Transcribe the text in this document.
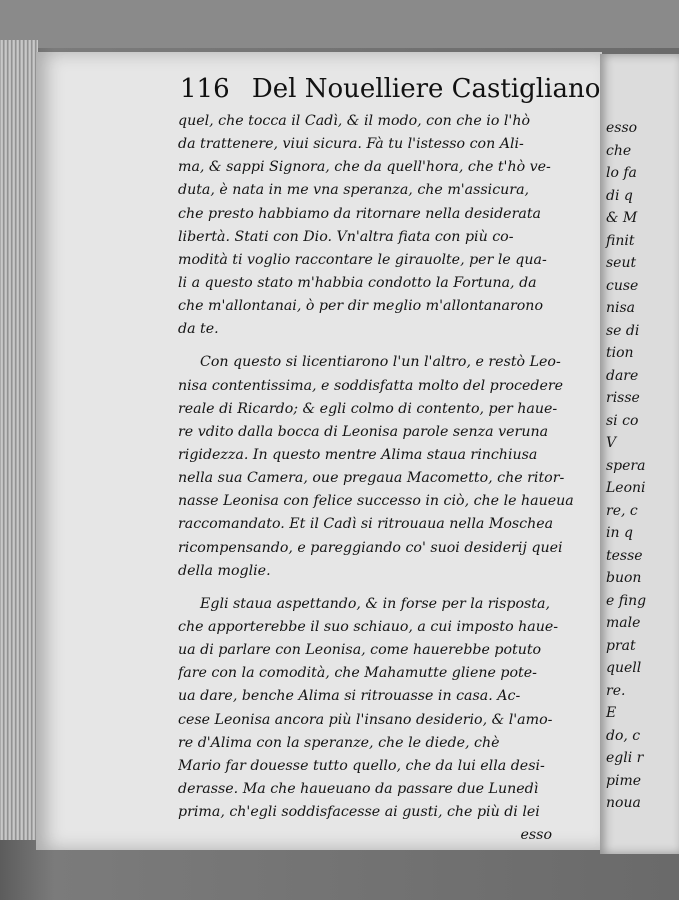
116 Del Nouelliere Castigliano
quel, che tocca il Cadì, & il modo, con che io l'hò
da trattenere, viui sicura. Fà tu l'istesso con Ali-
ma, & sappi Signora, che da quell'hora, che t'hò ve-
duta, è nata in me vna speranza, che m'assicura,
che presto habbiamo da ritornare nella desiderata
libertà. Stati con Dio. Vn'altra fiata con più co-
modità ti voglio raccontare le girauolte, per le qua-
li a questo stato m'habbia condotto la Fortuna, da
che m'allontanai, ò per dir meglio m'allontanarono
da te.
Con questo si licentiarono l'un l'altro, e restò Leo-
nisa contentissima, e soddisfatta molto del procedere
reale di Ricardo; & egli colmo di contento, per haue-
re vdito dalla bocca di Leonisa parole senza veruna
rigidezza. In questo mentre Alima staua rinchiusa
nella sua Camera, oue pregaua Macometto, che ritor-
nasse Leonisa con felice successo in ciò, che le haueua
raccomandato. Et il Cadì si ritrouaua nella Moschea
ricompensando, e pareggiando co' suoi desiderij quei
della moglie.
Egli staua aspettando, & in forse per la risposta,
che apporterebbe il suo schiauo, a cui imposto haue-
ua di parlare con Leonisa, come hauerebbe potuto
fare con la comodità, che Mahamutte gliene pote-
ua dare, benche Alima si ritrouasse in casa. Ac-
cese Leonisa ancora più l'insano desiderio, & l'amo-
re d'Alima con la speranze, che le diede, chè
Mario far douesse tutto quello, che da lui ella desi-
derasse. Ma che haueuano da passare due Lunedì
prima, ch'egli soddisfacesse ai gusti, che più di lei
esso
esso
che
lo fa
di q
& M
finit
seut
cuse
nisa
se di
tion
dare
risse
si co
V
spera
Leoni
re, c
in q
tesse
buon
e fing
male
prat
quell
re.
E
do, c
egli r
pime
noua
